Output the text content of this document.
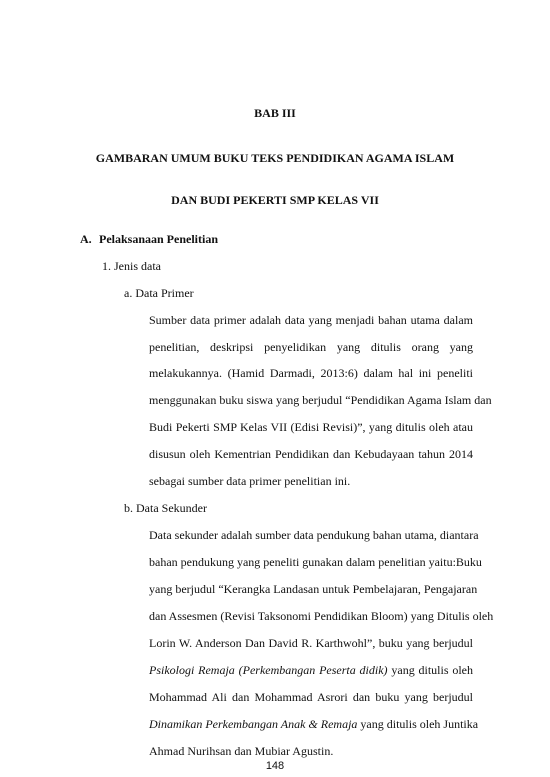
BAB III
GAMBARAN UMUM BUKU TEKS PENDIDIKAN AGAMA ISLAM
DAN BUDI PEKERTI SMP KELAS VII
A. Pelaksanaan Penelitian
1. Jenis data
a. Data Primer
Sumber data primer adalah data yang menjadi bahan utama dalam
penelitian, deskripsi penyelidikan yang ditulis orang yang
melakukannya. (Hamid Darmadi, 2013:6) dalam hal ini peneliti
menggunakan buku siswa yang berjudul “Pendidikan Agama Islam dan
Budi Pekerti SMP Kelas VII (Edisi Revisi)”, yang ditulis oleh atau
disusun oleh Kementrian Pendidikan dan Kebudayaan tahun 2014
sebagai sumber data primer penelitian ini.
b. Data Sekunder
Data sekunder adalah sumber data pendukung bahan utama, diantara
bahan pendukung yang peneliti gunakan dalam penelitian yaitu:Buku
yang berjudul “Kerangka Landasan untuk Pembelajaran, Pengajaran
dan Assesmen (Revisi Taksonomi Pendidikan Bloom) yang Ditulis oleh
Lorin W. Anderson Dan David R. Karthwohl”, buku yang berjudul
Psikologi Remaja (Perkembangan Peserta didik) yang ditulis oleh
Mohammad Ali dan Mohammad Asrori dan buku yang berjudul
Dinamikan Perkembangan Anak & Remaja yang ditulis oleh Juntika
Ahmad Nurihsan dan Mubiar Agustin.
148
